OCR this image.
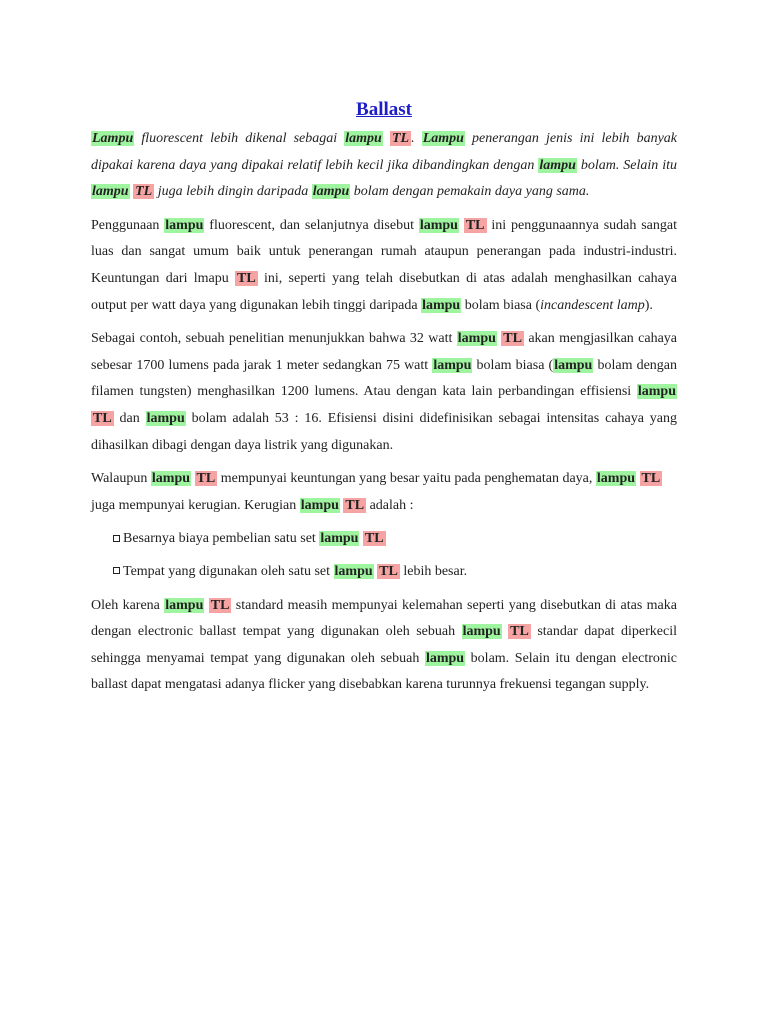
Ballast

Lampu fluorescent lebih dikenal sebagai lampu TL . Lampu penerangan jenis ini lebih banyak dipakai karena daya yang dipakai relatif lebih kecil jika dibandingkan dengan lampu bolam. Selain itu lampu TL juga lebih dingin daripada lampu bolam dengan pemakain daya yang sama.

Penggunaan lampu fluorescent, dan selanjutnya disebut lampu TL ini penggunaannya sudah sangat luas dan sangat umum baik untuk penerangan rumah ataupun penerangan pada industri-industri. Keuntungan dari lmapu TL ini, seperti yang telah disebutkan di atas adalah menghasilkan cahaya output per watt daya yang digunakan lebih tinggi daripada lampu bolam biasa (incandescent lamp).

Sebagai contoh, sebuah penelitian menunjukkan bahwa 32 watt lampu TL akan mengjasilkan cahaya sebesar 1700 lumens pada jarak 1 meter sedangkan 75 watt lampu bolam biasa (lampu bolam dengan filamen tungsten) menghasilkan 1200 lumens. Atau dengan kata lain perbandingan effisiensi lampu TL dan lampu bolam adalah 53 : 16. Efisiensi disini didefinisikan sebagai intensitas cahaya yang dihasilkan dibagi dengan daya listrik yang digunakan.

Walaupun lampu TL mempunyai keuntungan yang besar yaitu pada penghematan daya, lampu TL juga mempunyai kerugian. Kerugian lampu TL adalah :

Besarnya biaya pembelian satu set lampu TL
Tempat yang digunakan oleh satu set lampu TL lebih besar.

Oleh karena lampu TL standard measih mempunyai kelemahan seperti yang disebutkan di atas maka dengan electronic ballast tempat yang digunakan oleh sebuah lampu TL standar dapat diperkecil sehingga menyamai tempat yang digunakan oleh sebuah lampu bolam. Selain itu dengan electronic ballast dapat mengatasi adanya flicker yang disebabkan karena turunnya frekuensi tegangan supply.
